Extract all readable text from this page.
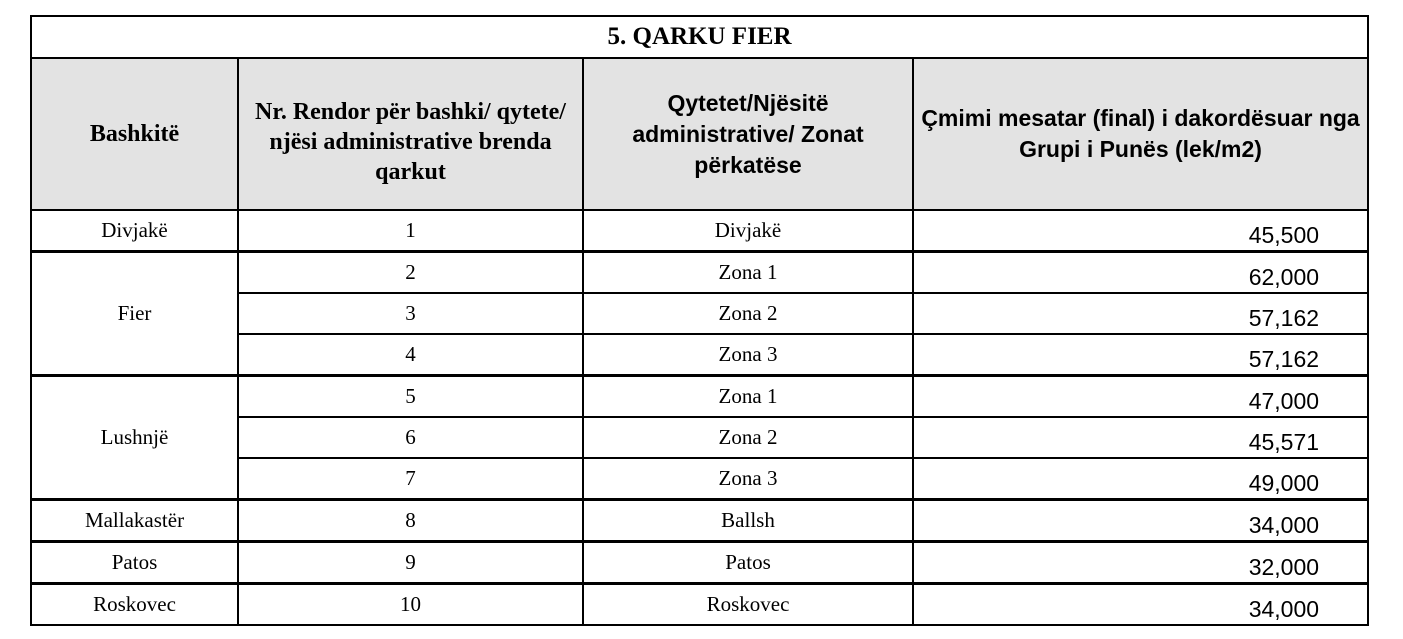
5. QARKU FIER			

Bashkitë	Nr. Rendor për bashki/ qytete/ njësi administrative brenda qarkut	Qytetet/Njësitë administrative/ Zonat përkatëse	Çmimi mesatar (final) i dakordësuar nga Grupi i Punës (lek/m2)

Divjakë	1	Divjakë	45,500
Fier	2	Zona 1	62,000
	3	Zona 2	57,162
	4	Zona 3	57,162
Lushnjë	5	Zona 1	47,000
	6	Zona 2	45,571
	7	Zona 3	49,000
Mallakastër	8	Ballsh	34,000
Patos	9	Patos	32,000
Roskovec	10	Roskovec	34,000
